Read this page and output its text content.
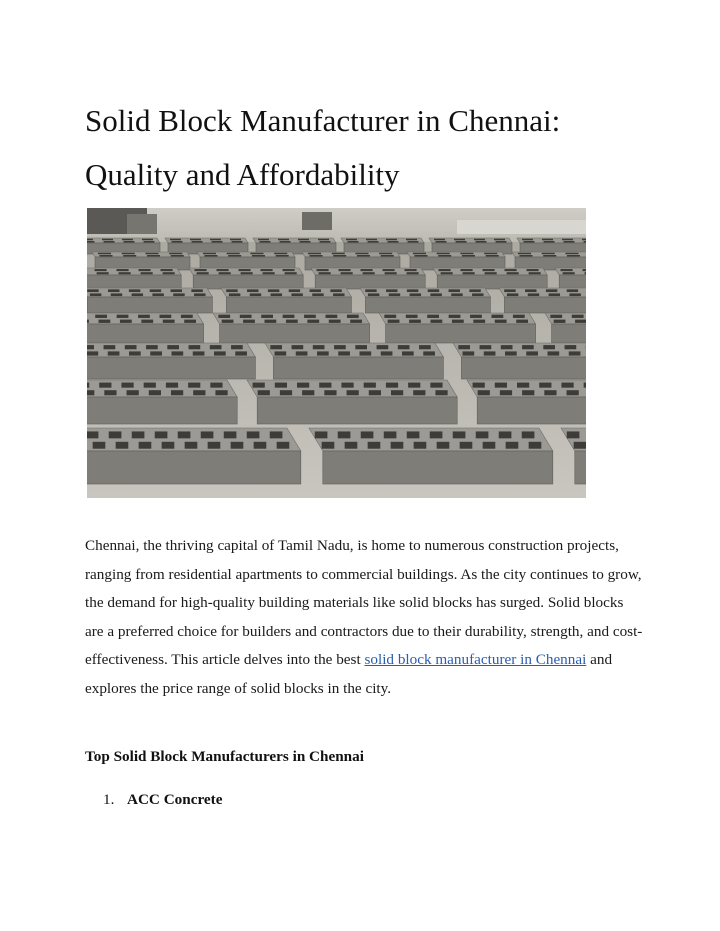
Solid Block Manufacturer in Chennai: Quality and Affordability

Chennai, the thriving capital of Tamil Nadu, is home to numerous construction projects, ranging from residential apartments to commercial buildings. As the city continues to grow, the demand for high-quality building materials like solid blocks has surged. Solid blocks are a preferred choice for builders and contractors due to their durability, strength, and cost-effectiveness. This article delves into the best solid block manufacturer in Chennai and explores the price range of solid blocks in the city.

Top Solid Block Manufacturers in Chennai
1. ACC Concrete
